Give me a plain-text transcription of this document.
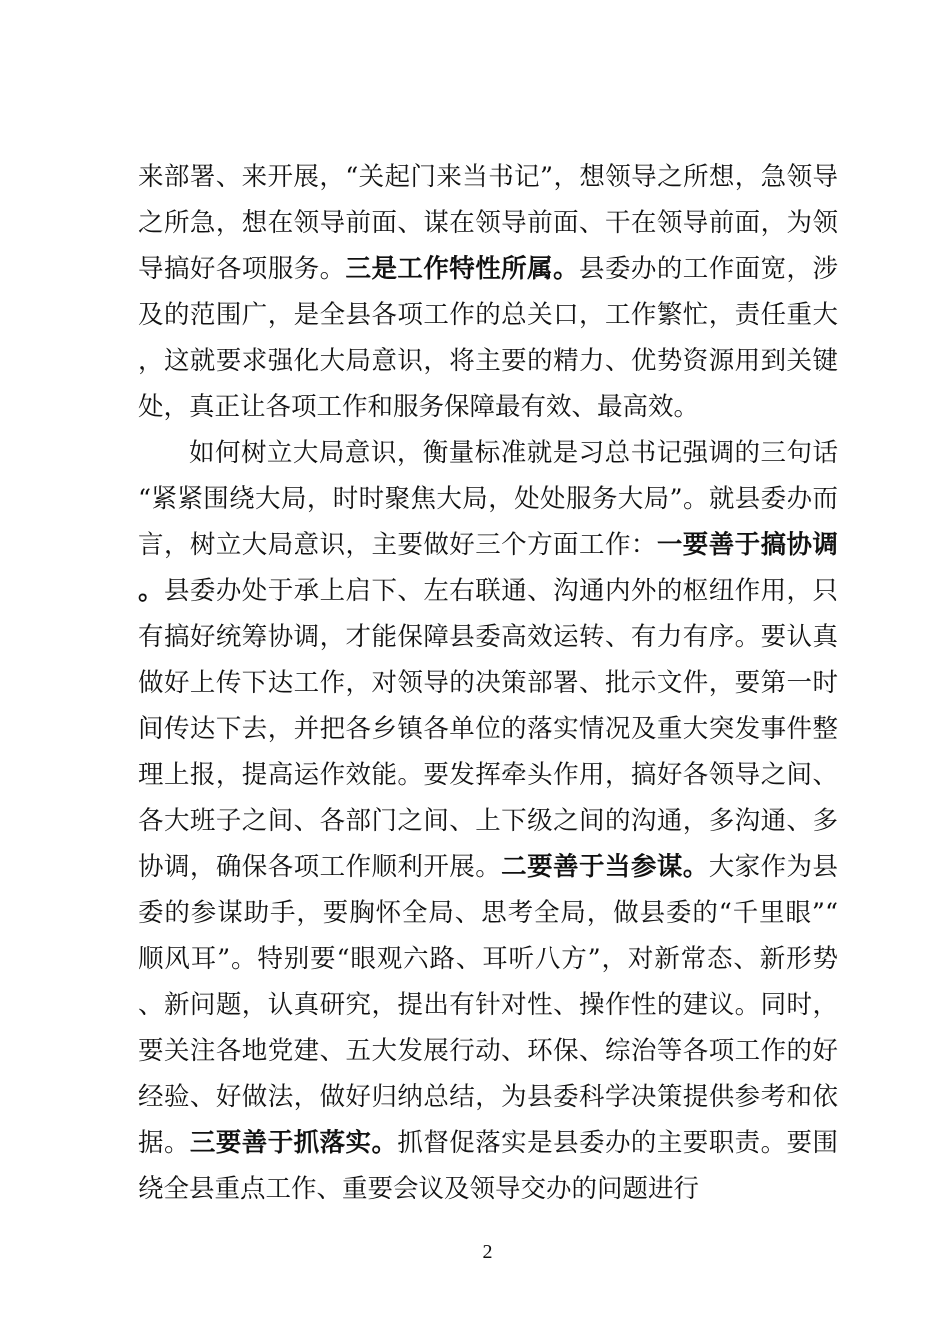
来部署、来开展，“关起门来当书记”，想领导之所想，急领导之所急，想在领导前面、谋在领导前面、干在领导前面，为领导搞好各项服务。三是工作特性所属。县委办的工作面宽，涉及的范围广，是全县各项工作的总关口，工作繁忙，责任重大，这就要求强化大局意识，将主要的精力、优势资源用到关键处，真正让各项工作和服务保障最有效、最高效。

如何树立大局意识，衡量标准就是习总书记强调的三句话“紧紧围绕大局，时时聚焦大局，处处服务大局”。就县委办而言，树立大局意识，主要做好三个方面工作：一要善于搞协调。县委办处于承上启下、左右联通、沟通内外的枢纽作用，只有搞好统筹协调，才能保障县委高效运转、有力有序。要认真做好上传下达工作，对领导的决策部署、批示文件，要第一时间传达下去，并把各乡镇各单位的落实情况及重大突发事件整理上报，提高运作效能。要发挥牵头作用，搞好各领导之间、各大班子之间、各部门之间、上下级之间的沟通，多沟通、多协调，确保各项工作顺利开展。二要善于当参谋。大家作为县委的参谋助手，要胸怀全局、思考全局，做县委的“千里眼”“顺风耳”。特别要“眼观六路、耳听八方”，对新常态、新形势、新问题，认真研究，提出有针对性、操作性的建议。同时，要关注各地党建、五大发展行动、环保、综治等各项工作的好经验、好做法，做好归纳总结，为县委科学决策提供参考和依据。三要善于抓落实。抓督促落实是县委办的主要职责。要围绕全县重点工作、重要会议及领导交办的问题进行

2
